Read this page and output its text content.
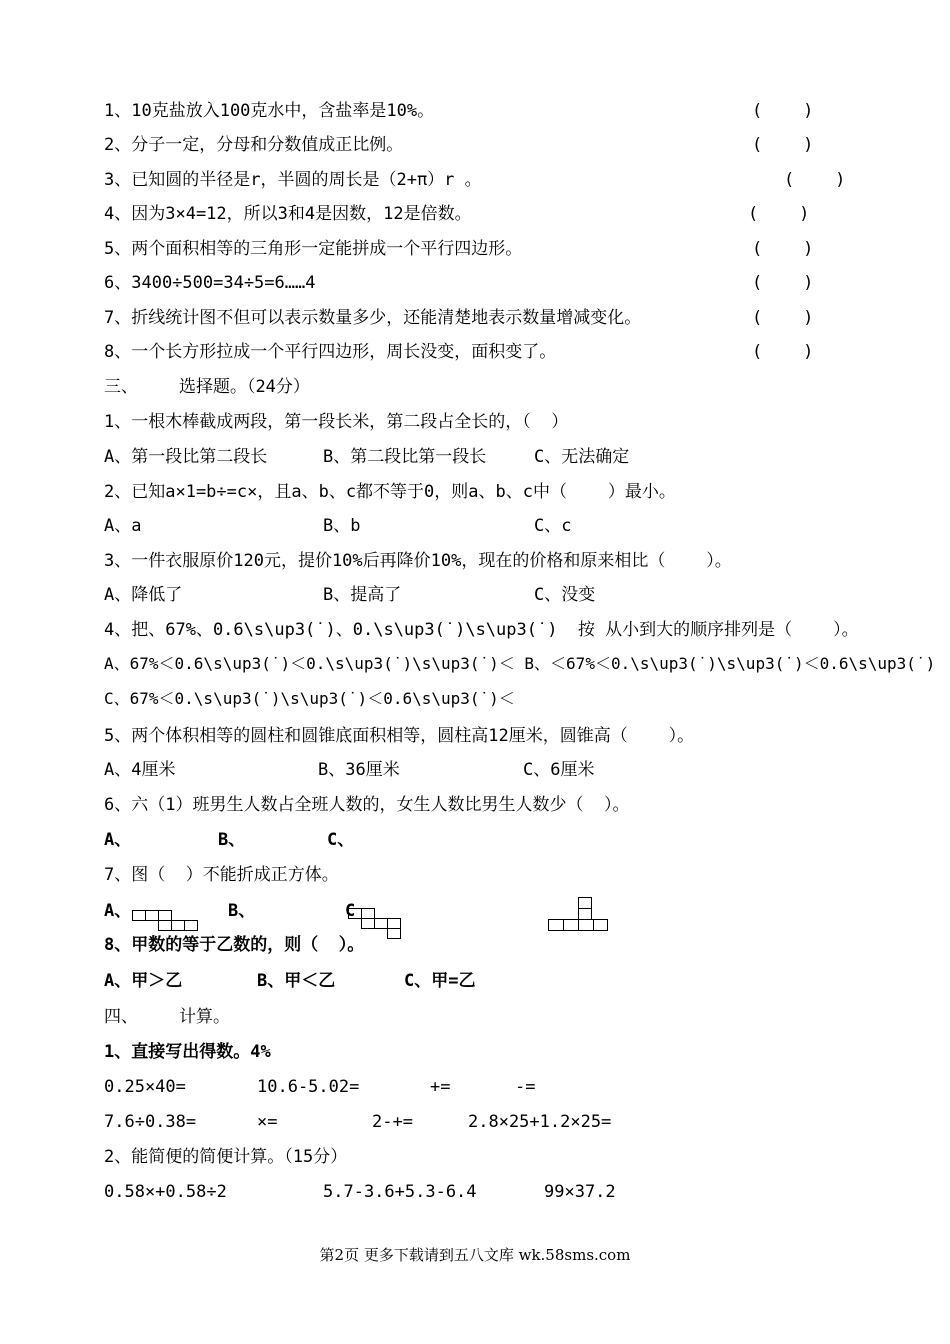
1、10克盐放入100克水中，含盐率是10%。	(    )
2、分子一定，分母和分数值成正比例。	(    )
3、已知圆的半径是r，半圆的周长是（2+π）r 。	(    )
4、因为3×4=12，所以3和4是因数，12是倍数。	(    )
5、两个面积相等的三角形一定能拼成一个平行四边形。	(    )
6、3400÷500=34÷5=6……4	(    )
7、折线统计图不但可以表示数量多少，还能清楚地表示数量增减变化。	(    )
8、一个长方形拉成一个平行四边形，周长没变，面积变了。	(    )
三、    选择题。（24分）
1、一根木棒截成两段，第一段长米，第二段占全长的，（  ）
A、第一段比第二段长	B、第二段比第一段长	C、无法确定
2、已知a×1=b÷=c×，且a、b、c都不等于0，则a、b、c中（    ）最小。
A、a	B、b	C、c
3、一件衣服原价120元，提价10%后再降价10%，现在的价格和原来相比（    ）。
A、降低了	B、提高了	C、没变
4、把、67%、0.6\s\up3(˙)、0.\s\up3(˙)\s\up3(˙)  按 从小到大的顺序排列是（    ）。
A、67%＜0.6\s\up3(˙)＜0.\s\up3(˙)\s\up3(˙)＜ B、＜67%＜0.\s\up3(˙)\s\up3(˙)＜0.6\s\up3(˙)
C、67%＜0.\s\up3(˙)\s\up3(˙)＜0.6\s\up3(˙)＜
5、两个体积相等的圆柱和圆锥底面积相等，圆柱高12厘米，圆锥高（    ）。
A、4厘米	B、36厘米	C、6厘米
6、六（1）班男生人数占全班人数的，女生人数比男生人数少（  ）。
A、	B、	C、
7、图（  ）不能折成正方体。
A、	B、	C
8、甲数的等于乙数的，则（  ）。
A、甲＞乙	B、甲＜乙	C、甲=乙
四、    计算。
1、直接写出得数。4%
0.25×40=	10.6-5.02=	+=	-=
7.6÷0.38=	×=	2-+=	2.8×25+1.2×25=
2、能简便的简便计算。（15分）
0.58×+0.58÷2	5.7-3.6+5.3-6.4	99×37.2
第2页 更多下载请到五八文库 wk.58sms.com
